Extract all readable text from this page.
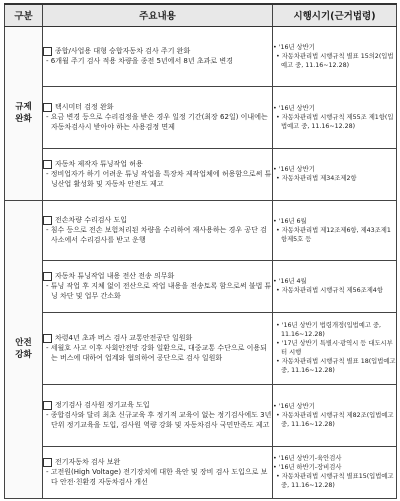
구분	주요내용	시행시기(근거법령)

규제
완화	종합/사업용 대형 승합자동차 검사 주기 완화
- 6개월 주기 검사 적용 차량을 종전 5년에서 8년 초과로 변경	• '16년 상반기
• 자동차관리법 시행규칙 별표 15의2(입법예고 중, 11.16~12.28)

	택시미터 검정 완화
- 요금 변경 등으로 수리검정을 받은 경우 일정 기간(최장 62일) 이내에는 자동차검사시 받아야 하는 사용검정 면제	• '16년 상반기
• 자동차관리법 시행규칙 제55조 제1항(입법예고 중, 11.16~12.28)

	자동차 제작자 튜닝작업 허용
- 정비업자가 하기 어려운 튜닝 작업을 특장차 제작업체에 허용함으로써 튜닝산업 활성화 및 자동차 안전도 제고	• '16년 상반기
• 자동차관리법 제34조제2항

안전
강화	전손차량 수리검사 도입
- 침수 등으로 전손 보험처리된 차량을 수리하여 재사용하는 경우 공단 검사소에서 수리검사를 받고 운행	• '16년 6월
• 자동차관리법 제12조제6항, 제43조제1항제5호 등

	자동차 튜닝작업 내용 전산 전송 의무화
- 튜닝 작업 후 지체 없이 전산으로 작업 내용을 전송토록 함으로써 불법 튜닝 차단 및 업무 간소화	• '16년 4월
• 자동차관리법 시행규칙 제56조제4항

	차령4년 초과 버스 검사 교통안전공단 일원화
- 세월호 사고 이후 사회안전망 강화 일환으로, 대중교통 수단으로 이용되는 버스에 대하여 업계와 협의하여 공단으로 검사 일원화	• '16년 상반기 법령개정(입법예고 중, 11.16~12.28)
• '17년 상반기 특별시·광역시 등 대도시부터 시행
• 자동차관리법 시행규칙 별표 18(입법예고 중, 11.16~12.28)

	정기검사 검사원 정기교육 도입
- 종합검사와 달리 최초 신규교육 후 정기적 교육이 없는 정기검사에도 3년 단위 정기교육을 도입, 검사원 역량 강화 및 자동차검사 국민만족도 제고	• '16년 상반기
• 자동차관리법 시행규칙 제82조(입법예고 중, 11.16~12.28)

	전기자동차 검사 보완
- 고전원(High Voltage) 전기장치에 대한 육안 및 장비 검사 도입으로 보다 안전·친환경 자동차검사 개선	• '16년 상반기-육안검사
• '16년 하반기-장비검사
• 자동차관리법 시행규칙 별표15(입법예고 중, 11.16~12.28)
